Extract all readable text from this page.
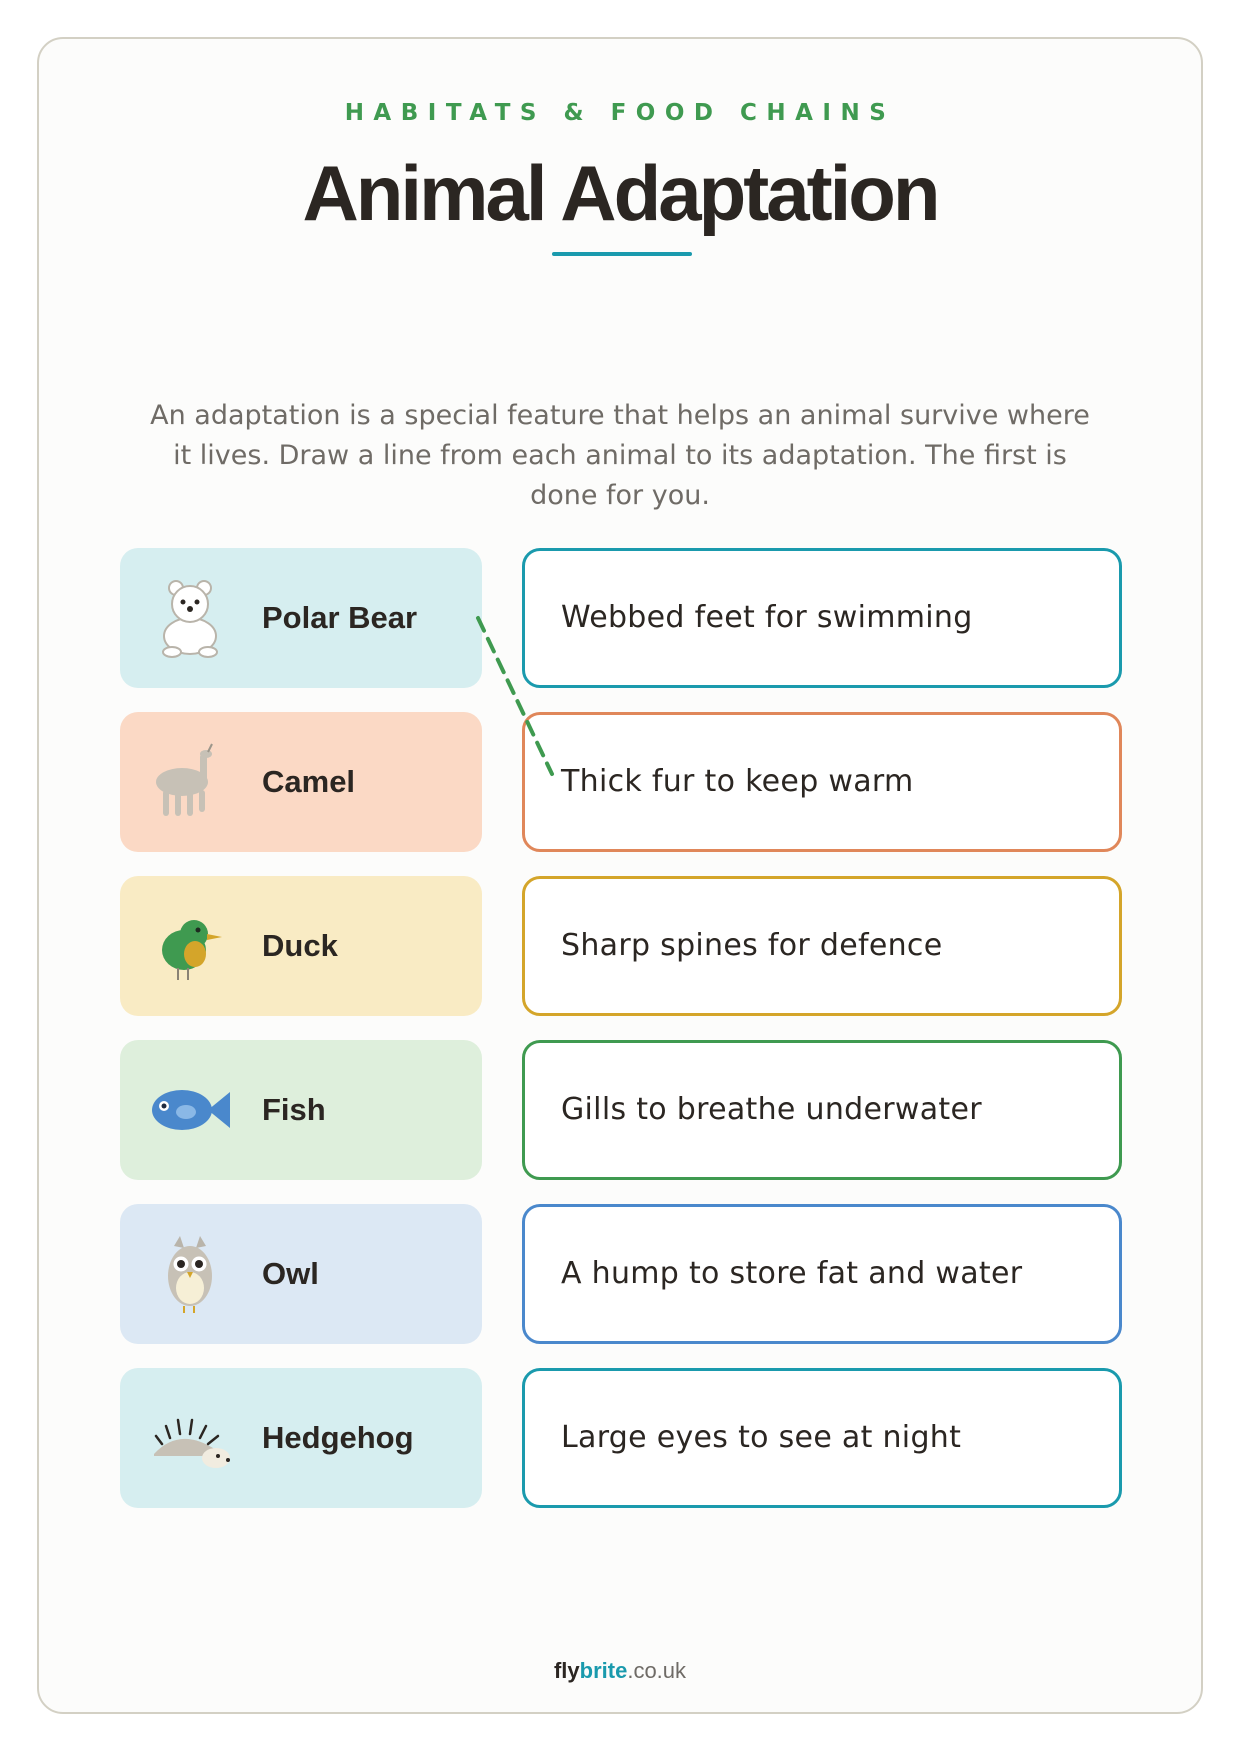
HABITATS & FOOD CHAINS
Animal Adaptation
An adaptation is a special feature that helps an animal survive where
it lives. Draw a line from each animal to its adaptation. The first is
done for you.
Polar Bear
Camel
Duck
Fish
Owl
Hedgehog
Webbed feet for swimming
Thick fur to keep warm
Sharp spines for defence
Gills to breathe underwater
A hump to store fat and water
Large eyes to see at night
flybrite.co.uk
